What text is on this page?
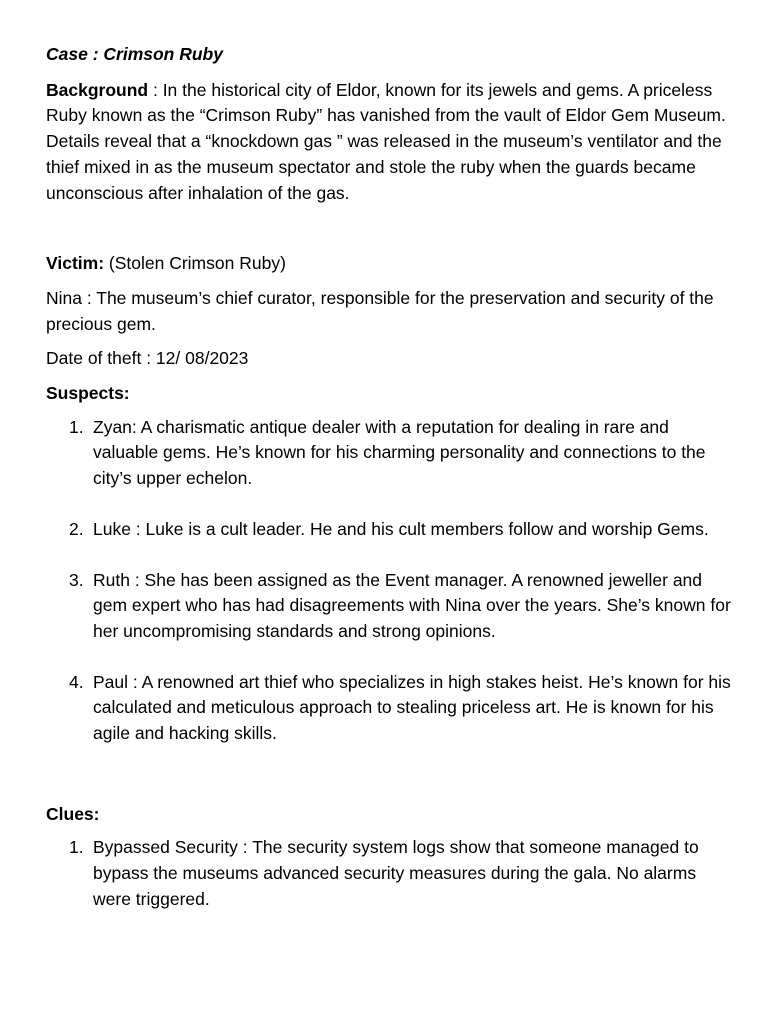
Case : Crimson Ruby

Background : In the historical city of Eldor, known for its jewels and gems. A priceless Ruby known as the “Crimson Ruby” has vanished from the vault of Eldor Gem Museum. Details reveal that a “knockdown gas ” was released in the museum’s ventilator and the thief mixed in as the museum spectator and stole the ruby when the guards became unconscious after inhalation of the gas.

Victim: (Stolen Crimson Ruby)

Nina : The museum’s chief curator, responsible for the preservation and security of the precious gem.

Date of theft : 12/ 08/2023

Suspects:

1. Zyan: A charismatic antique dealer with a reputation for dealing in rare and valuable gems. He’s known for his charming personality and connections to the city’s upper echelon.
2. Luke : Luke is a cult leader. He and his cult members follow and worship Gems.
3. Ruth : She has been assigned as the Event manager. A renowned jeweller and gem expert who has had disagreements with Nina over the years. She’s known for her uncompromising standards and strong opinions.
4. Paul : A renowned art thief who specializes in high stakes heist. He’s known for his calculated and meticulous approach to stealing priceless art. He is known for his agile and hacking skills.

Clues:

1. Bypassed Security : The security system logs show that someone managed to bypass the museums advanced security measures during the gala. No alarms were triggered.
